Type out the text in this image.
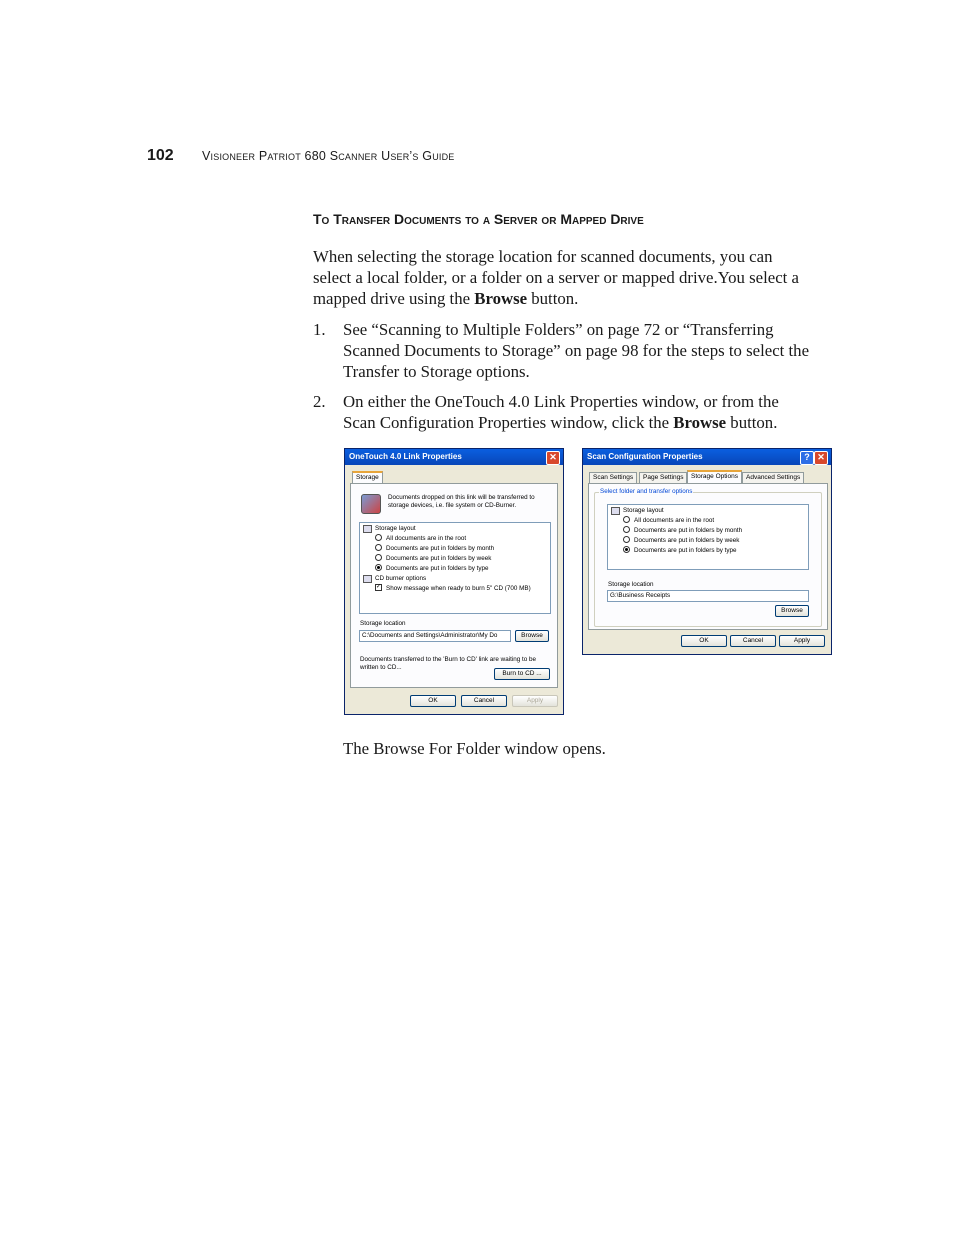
102 Visioneer Patriot 680 Scanner User’s Guide
To Transfer Documents to a Server or Mapped Drive
When selecting the storage location for scanned documents, you can select a local folder, or a folder on a server or mapped drive.You select a mapped drive using the Browse button.
1. See “Scanning to Multiple Folders” on page 72 or “Transferring Scanned Documents to Storage” on page 98 for the steps to select the Transfer to Storage options.
2. On either the OneTouch 4.0 Link Properties window, or from the Scan Configuration Properties window, click the Browse button.
OneTouch 4.0 Link Properties	✕
Storage
Documents dropped on this link will be transferred to
storage devices, i.e. file system or CD-Burner.
Storage layout
All documents are in the root
Documents are put in folders by month
Documents are put in folders by week
Documents are put in folders by type
CD burner options
✓ Show message when ready to burn 5" CD (700 MB)
Storage location
C:\Documents and Settings\Administrator\My Do	Browse
Documents transferred to the 'Burn to CD' link are waiting to be
written to CD...
Burn to CD ...
OK	Cancel	Apply
Scan Configuration Properties	? ✕
Scan Settings	Page Settings	Storage Options	Advanced Settings
Select folder and transfer options
Storage layout
All documents are in the root
Documents are put in folders by month
Documents are put in folders by week
Documents are put in folders by type
Storage location
G:\Business Receipts
Browse
OK	Cancel	Apply
The Browse For Folder window opens.
